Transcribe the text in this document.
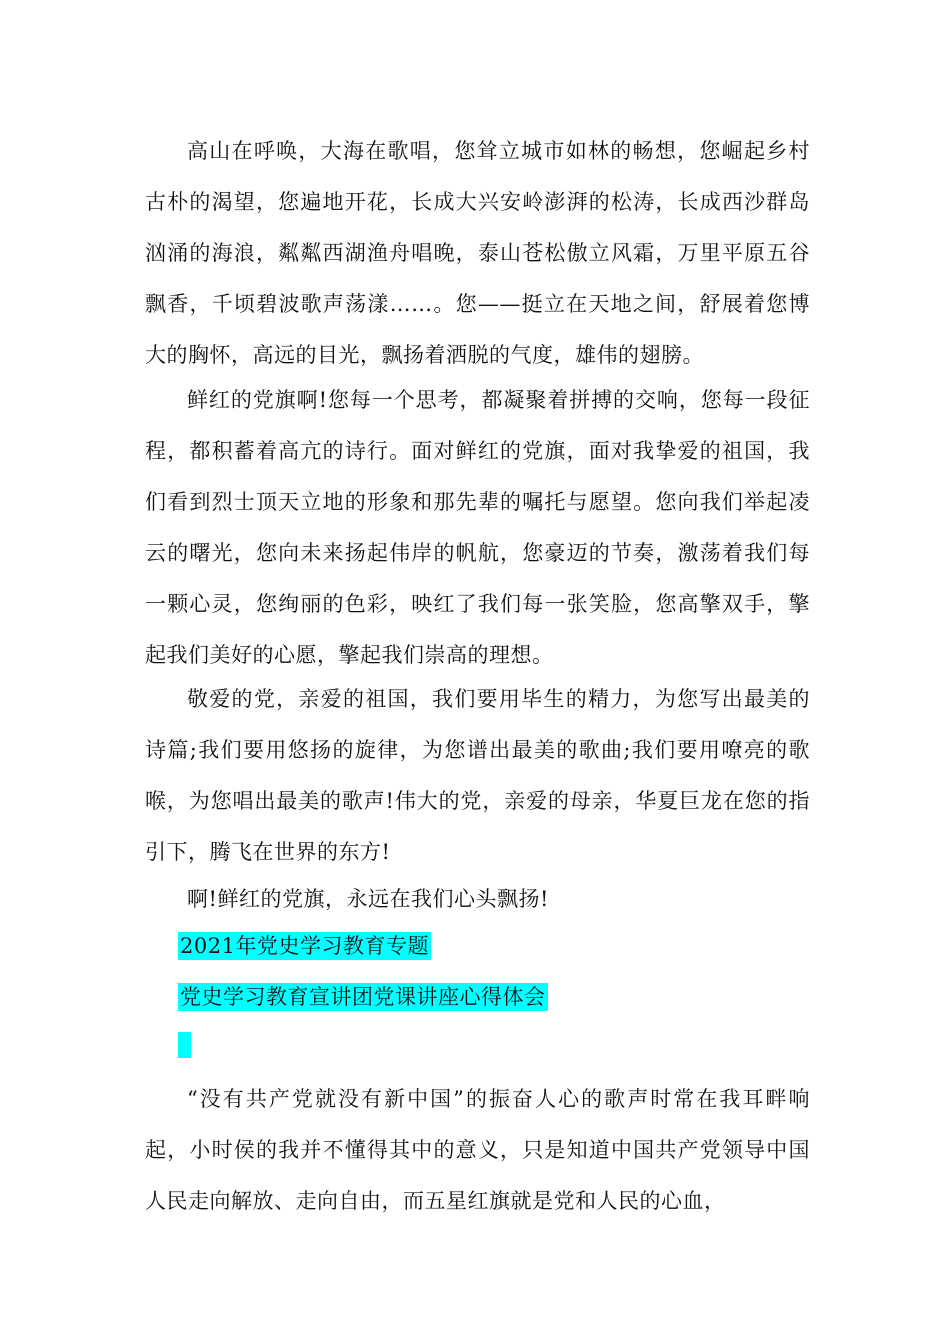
高山在呼唤，大海在歌唱，您耸立城市如林的畅想，您崛起乡村古朴的渴望，您遍地开花，长成大兴安岭澎湃的松涛，长成西沙群岛汹涌的海浪，粼粼西湖渔舟唱晚，泰山苍松傲立风霜，万里平原五谷飘香，千顷碧波歌声荡漾……。您——挺立在天地之间，舒展着您博大的胸怀，高远的目光，飘扬着洒脱的气度，雄伟的翅膀。

鲜红的党旗啊!您每一个思考，都凝聚着拼搏的交响，您每一段征程，都积蓄着高亢的诗行。面对鲜红的党旗，面对我挚爱的祖国，我们看到烈士顶天立地的形象和那先辈的嘱托与愿望。您向我们举起凌云的曙光，您向未来扬起伟岸的帆航，您豪迈的节奏，激荡着我们每一颗心灵，您绚丽的色彩，映红了我们每一张笑脸，您高擎双手，擎起我们美好的心愿，擎起我们崇高的理想。

敬爱的党，亲爱的祖国，我们要用毕生的精力，为您写出最美的诗篇;我们要用悠扬的旋律，为您谱出最美的歌曲;我们要用嘹亮的歌喉，为您唱出最美的歌声!伟大的党，亲爱的母亲，华夏巨龙在您的指引下，腾飞在世界的东方!

啊!鲜红的党旗，永远在我们心头飘扬!

2021年党史学习教育专题
党史学习教育宣讲团党课讲座心得体会

“没有共产党就没有新中国”的振奋人心的歌声时常在我耳畔响起，小时侯的我并不懂得其中的意义，只是知道中国共产党领导中国人民走向解放、走向自由，而五星红旗就是党和人民的心血，
